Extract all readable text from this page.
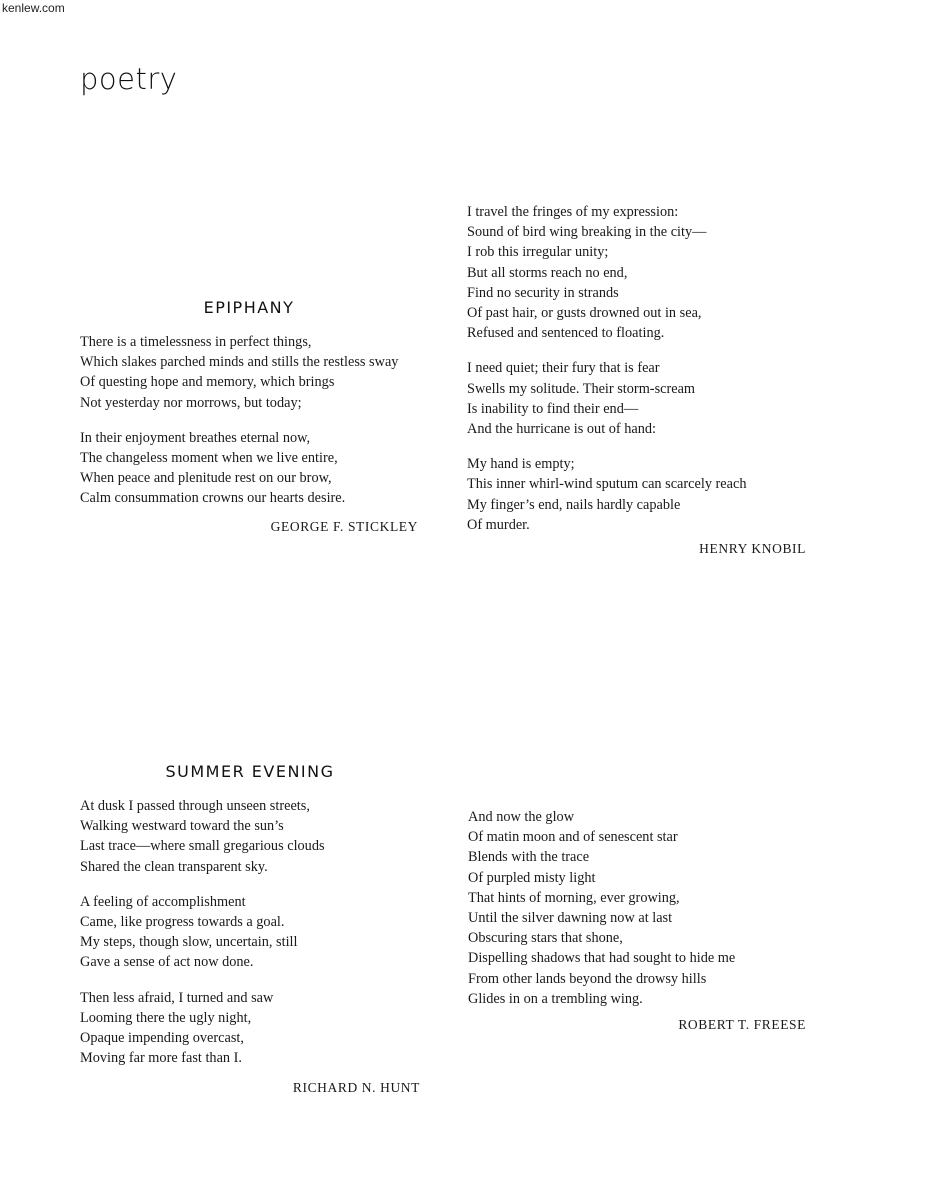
kenlew.com
poetry
EPIPHANY
There is a timelessness in perfect things,
Which slakes parched minds and stills the restless sway
Of questing hope and memory, which brings
Not yesterday nor morrows, but today;
In their enjoyment breathes eternal now,
The changeless moment when we live entire,
When peace and plenitude rest on our brow,
Calm consummation crowns our hearts desire.
GEORGE F. STICKLEY
I travel the fringes of my expression:
Sound of bird wing breaking in the city—
I rob this irregular unity;
But all storms reach no end,
Find no security in strands
Of past hair, or gusts drowned out in sea,
Refused and sentenced to floating.
I need quiet; their fury that is fear
Swells my solitude. Their storm-scream
Is inability to find their end—
And the hurricane is out of hand:
My hand is empty;
This inner whirl-wind sputum can scarcely reach
My finger’s end, nails hardly capable
Of murder.
HENRY KNOBIL
SUMMER EVENING
At dusk I passed through unseen streets,
Walking westward toward the sun’s
Last trace—where small gregarious clouds
Shared the clean transparent sky.
A feeling of accomplishment
Came, like progress towards a goal.
My steps, though slow, uncertain, still
Gave a sense of act now done.
Then less afraid, I turned and saw
Looming there the ugly night,
Opaque impending overcast,
Moving far more fast than I.
RICHARD N. HUNT
And now the glow
Of matin moon and of senescent star
Blends with the trace
Of purpled misty light
That hints of morning, ever growing,
Until the silver dawning now at last
Obscuring stars that shone,
Dispelling shadows that had sought to hide me
From other lands beyond the drowsy hills
Glides in on a trembling wing.
ROBERT T. FREESE
